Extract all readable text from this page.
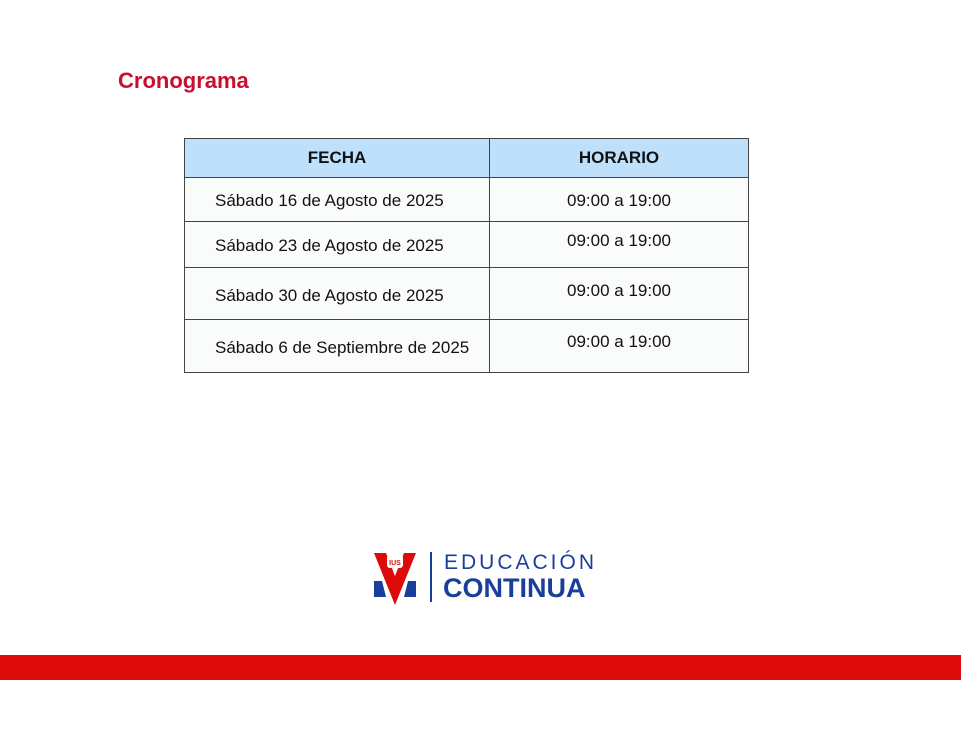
Cronograma
FECHA	HORARIO

Sábado 16 de Agosto de 2025	09:00 a 19:00

Sábado 23 de Agosto de 2025	09:00 a 19:00

Sábado 30 de Agosto de 2025	09:00 a 19:00

Sábado 6 de Septiembre de 2025	09:00 a 19:00
IUS EDUCACIÓN
CONTINUA
